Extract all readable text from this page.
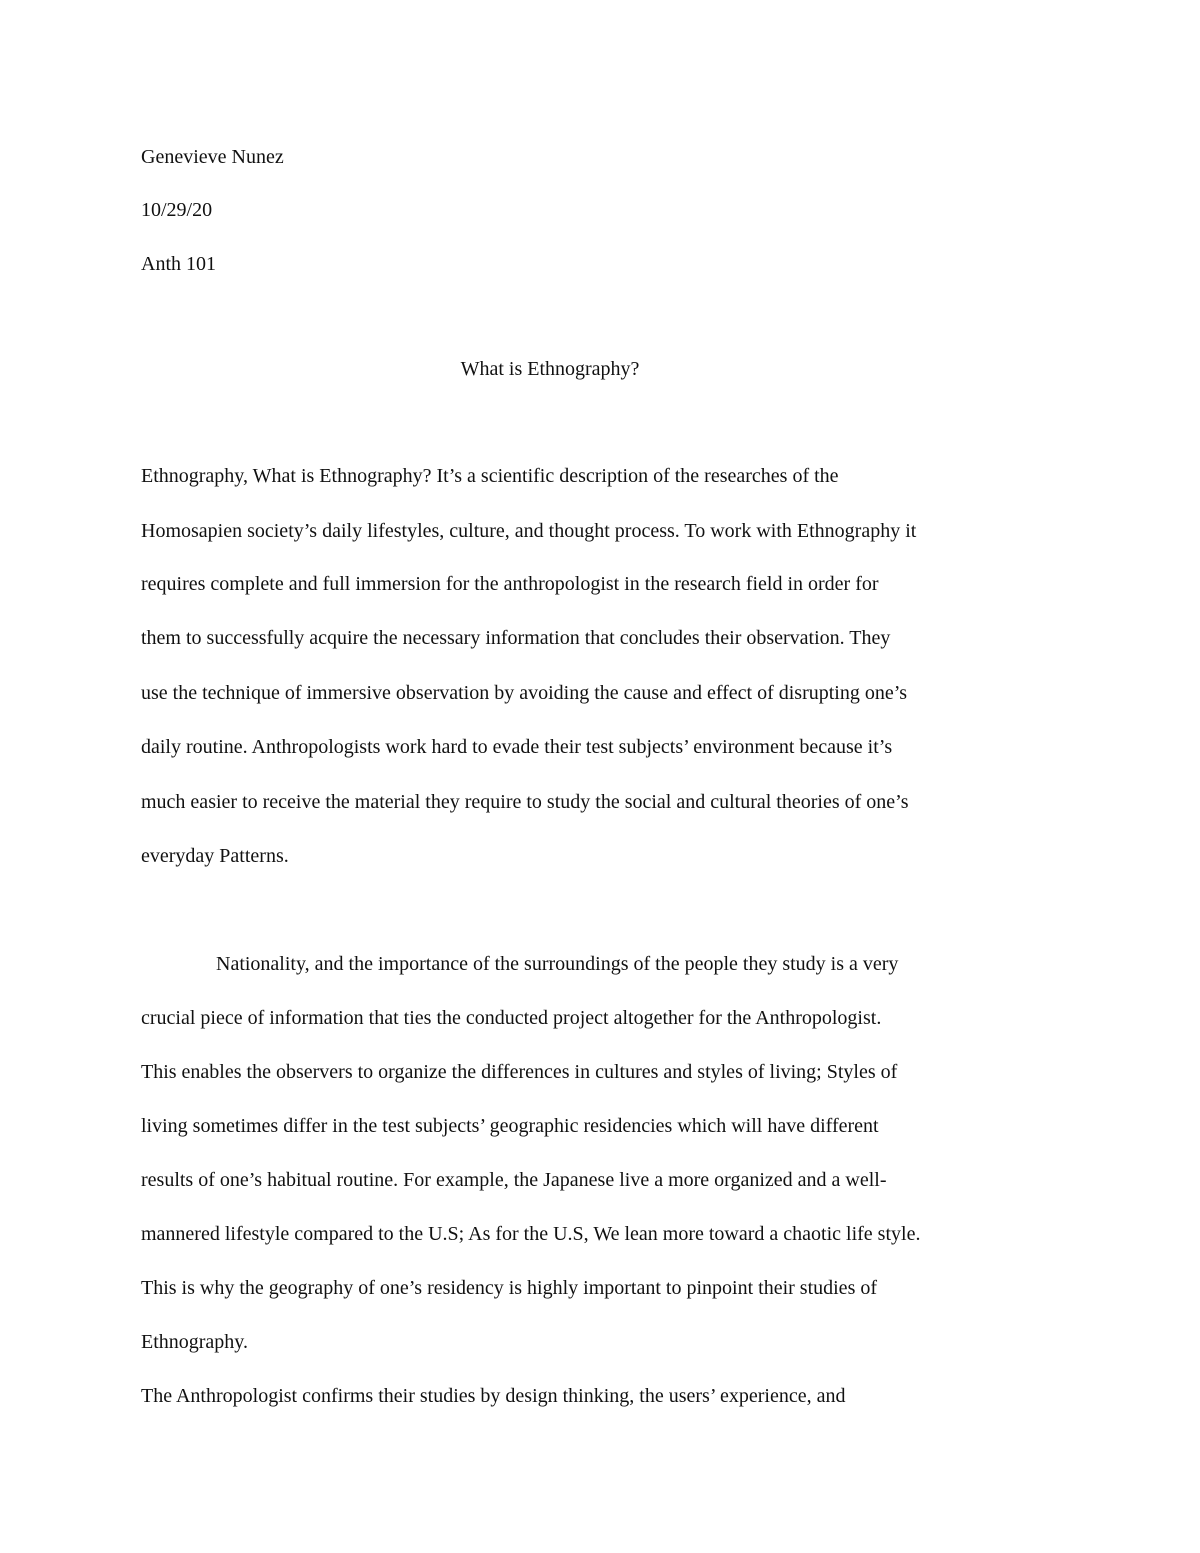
Genevieve Nunez
10/29/20
Anth 101
What is Ethnography?
Ethnography, What is Ethnography? It’s a scientific description of the researches of the
Homosapien society’s daily lifestyles, culture, and thought process. To work with Ethnography it
requires complete and full immersion for the anthropologist in the research field in order for
them to successfully acquire the necessary information that concludes their observation. They
use the technique of immersive observation by avoiding the cause and effect of disrupting one’s
daily routine. Anthropologists work hard to evade their test subjects’ environment because it’s
much easier to receive the material they require to study the social and cultural theories of one’s
everyday Patterns.
Nationality, and the importance of the surroundings of the people they study is a very
crucial piece of information that ties the conducted project altogether for the Anthropologist.
This enables the observers to organize the differences in cultures and styles of living; Styles of
living sometimes differ in the test subjects’ geographic residencies which will have different
results of one’s habitual routine. For example, the Japanese live a more organized and a well-
mannered lifestyle compared to the U.S; As for the U.S, We lean more toward a chaotic life style.
This is why the geography of one’s residency is highly important to pinpoint their studies of
Ethnography.
The Anthropologist confirms their studies by design thinking, the users’ experience, and
